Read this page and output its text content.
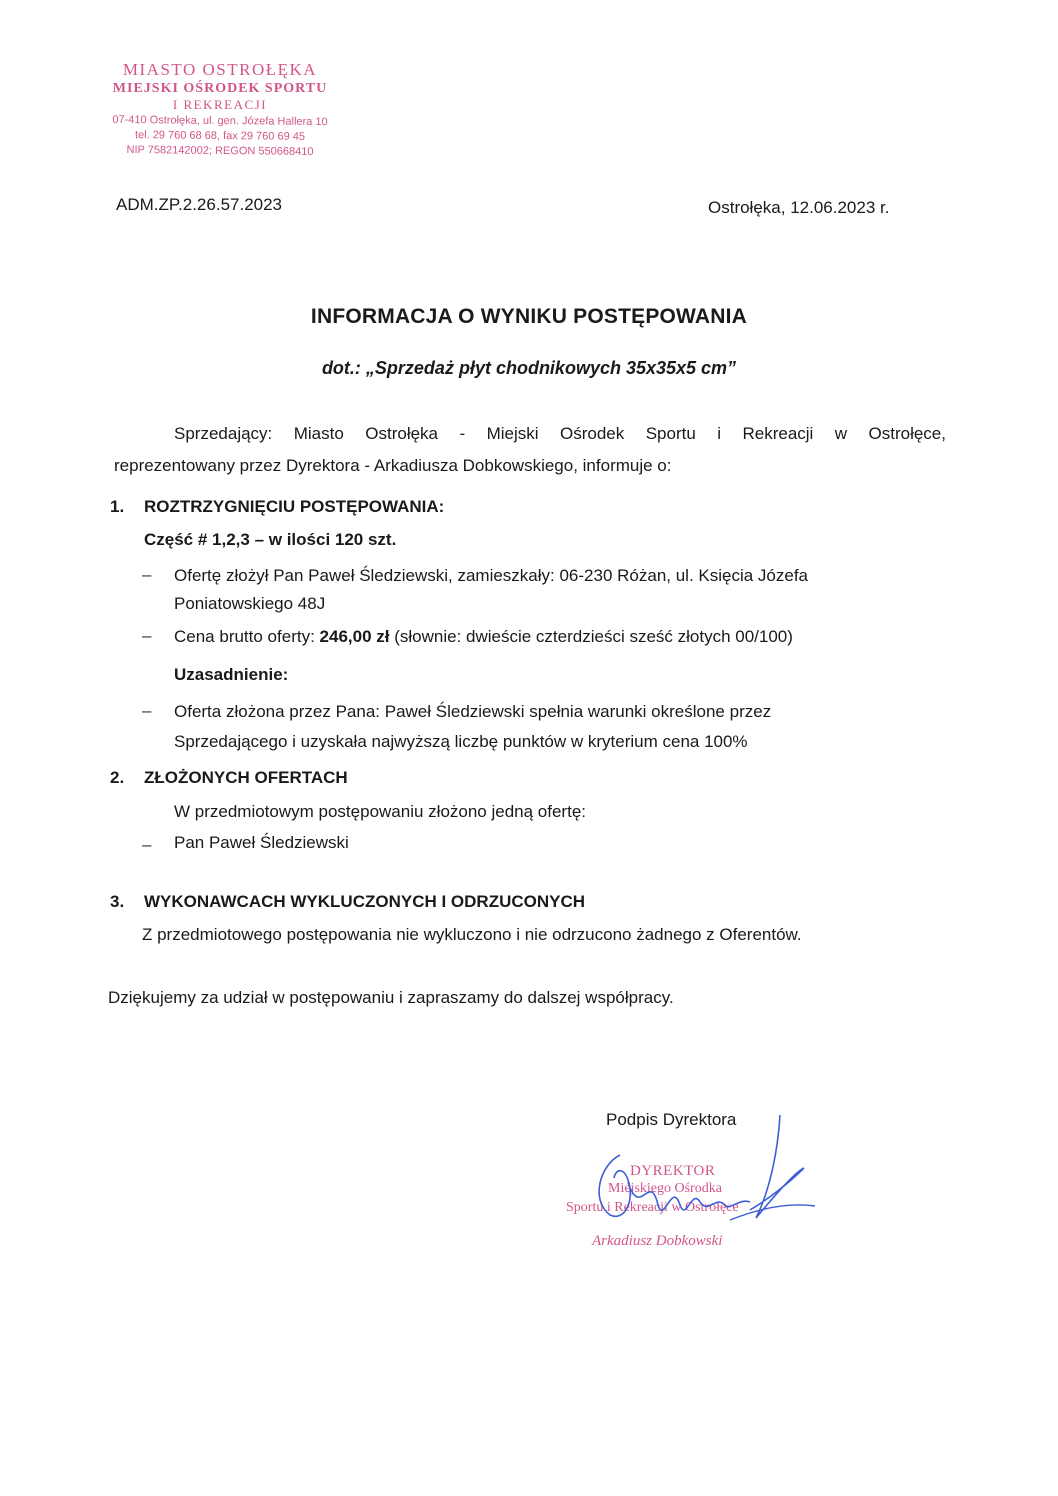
MIASTO OSTROŁĘKA
MIEJSKI OŚRODEK SPORTU
I REKREACJI
07-410 Ostrołęka, ul. gen. Józefa Hallera 10
tel. 29 760 68 68, fax 29 760 69 45
NIP 7582142002; REGON 550668410
ADM.ZP.2.26.57.2023	Ostrołęka, 12.06.2023 r.
INFORMACJA O WYNIKU POSTĘPOWANIA
dot.: „Sprzedaż płyt chodnikowych 35x35x5 cm”
Sprzedający: Miasto Ostrołęka - Miejski Ośrodek Sportu i Rekreacji w Ostrołęce,
reprezentowany przez Dyrektora - Arkadiusza Dobkowskiego, informuje o:
1. ROZTRZYGNIĘCIU POSTĘPOWANIA:
Część # 1,2,3 – w ilości 120 szt.
– Ofertę złożył Pan Paweł Śledziewski, zamieszkały: 06-230 Różan, ul. Księcia Józefa
Poniatowskiego 48J
– Cena brutto oferty: 246,00 zł (słownie: dwieście czterdzieści sześć złotych 00/100)
Uzasadnienie:
– Oferta złożona przez Pana: Paweł Śledziewski spełnia warunki określone przez
Sprzedającego i uzyskała najwyższą liczbę punktów w kryterium cena 100%
2. ZŁOŻONYCH OFERTACH
W przedmiotowym postępowaniu złożono jedną ofertę:
– Pan Paweł Śledziewski
3. WYKONAWCACH WYKLUCZONYCH I ODRZUCONYCH
Z przedmiotowego postępowania nie wykluczono i nie odrzucono żadnego z Oferentów.
Dziękujemy za udział w postępowaniu i zapraszamy do dalszej współpracy.
Podpis Dyrektora
DYREKTOR
Miejskiego Ośrodka
Sportu i Rekreacji w Ostrołęce
Arkadiusz Dobkowski
